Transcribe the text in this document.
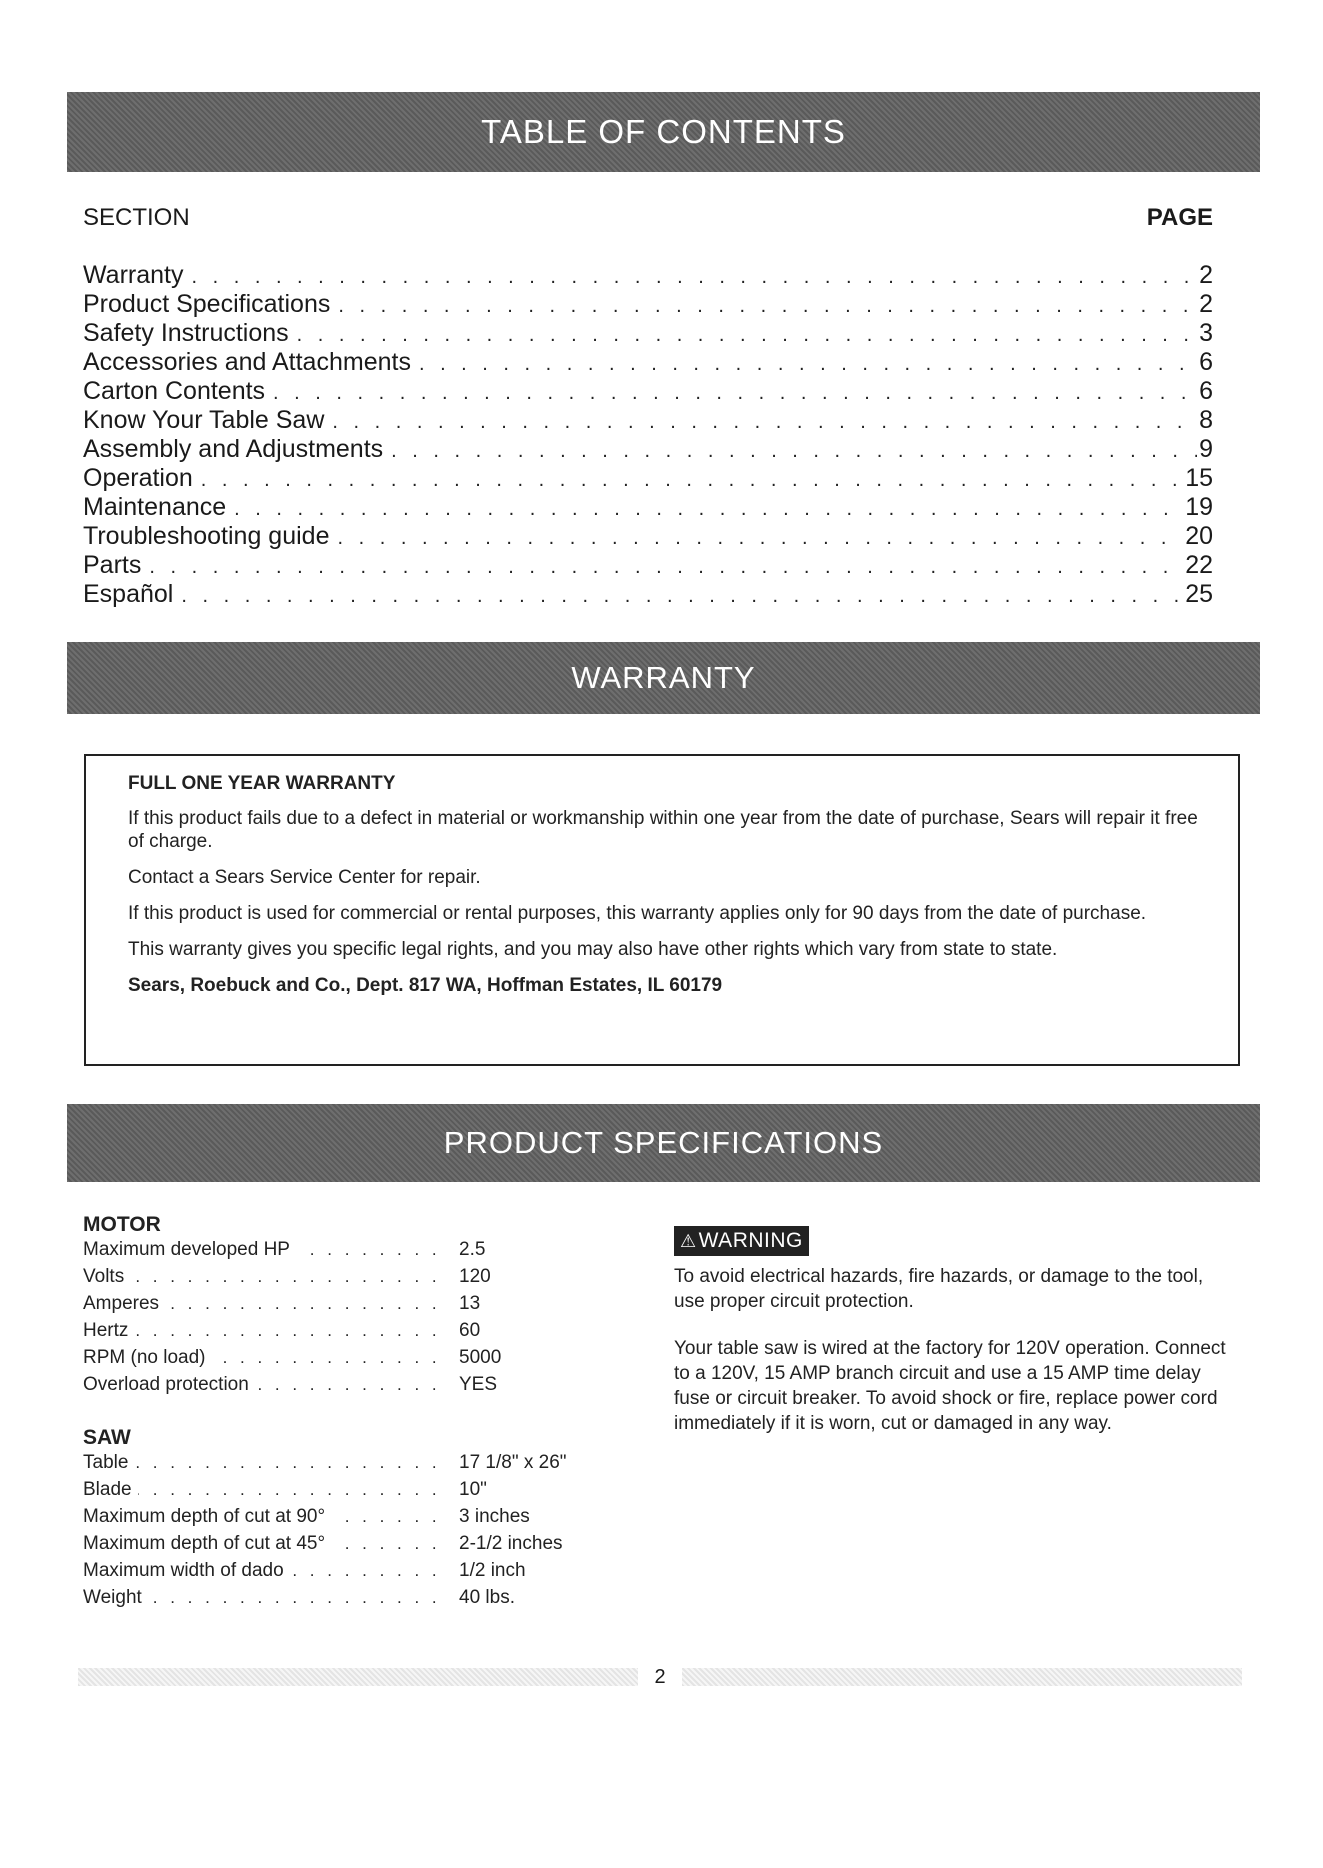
TABLE OF CONTENTS
SECTION	PAGE
Warranty . . .	2
Product Specifications . . .	2
Safety Instructions . . .	3
Accessories and Attachments . . .	6
Carton Contents . . .	6
Know Your Table Saw . . .	8
Assembly and Adjustments . . .	9
Operation . . .	15
Maintenance . . .	19
Troubleshooting guide . . .	20
Parts . . .	22
Español . . .	25
WARRANTY

FULL ONE YEAR WARRANTY

If this product fails due to a defect in material or workmanship within one year from the date of purchase, Sears will repair it free of charge.

Contact a Sears Service Center for repair.

If this product is used for commercial or rental purposes, this warranty applies only for 90 days from the date of purchase.

This warranty gives you specific legal rights, and you may also have other rights which vary from state to state.

Sears, Roebuck and Co., Dept. 817 WA, Hoffman Estates, IL 60179

PRODUCT SPECIFICATIONS
MOTOR
. . .
Maximum developed HP	2.5
. . .
Volts	120
. . .
Amperes	13
. . .
Hertz	60
. . .
RPM (no load)	5000
. . .
Overload protection	YES
SAW
. . .
Table	17 1/8" x 26"
. . .
Blade	10"
. . .
Maximum depth of cut at 90°	3 inches
. . .
Maximum depth of cut at 45°	2-1/2 inches
. . .
Maximum width of dado	1/2 inch
. . .
Weight	40 lbs.
⚠WARNING

To avoid electrical hazards, fire hazards, or damage to the tool, use proper circuit protection.

Your table saw is wired at the factory for 120V operation. Connect to a 120V, 15 AMP branch circuit and use a 15 AMP time delay fuse or circuit breaker. To avoid shock or fire, replace power cord immediately if it is worn, cut or damaged in any way.

2
